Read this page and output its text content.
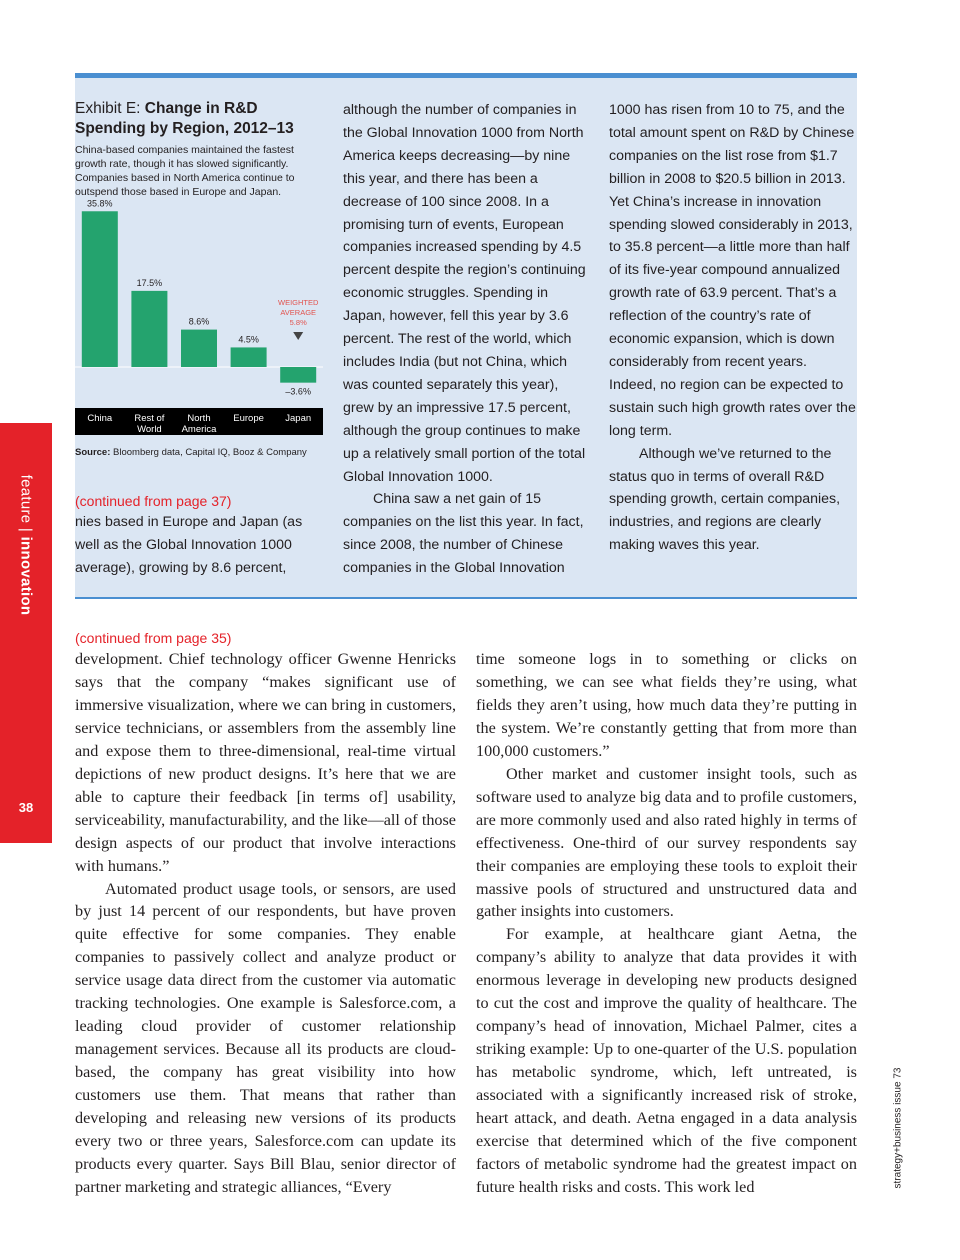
feature | innovation
38
strategy+business issue 73
Exhibit E: Change in R&D Spending by Region, 2012–13
China-based companies maintained the fastest growth rate, though it has slowed significantly. Companies based in North America continue to outspend those based in Europe and Japan.
35.8%
China
17.5%
Rest of
World
8.6%
North
America
4.5%
Europe
–3.6%
Japan
WEIGHTED
AVERAGE
5.8%
Source: Bloomberg data, Capital IQ, Booz & Company
(continued from page 37)

nies based in Europe and Japan (as well as the Global Innovation 1000 average), growing by 8.6 percent,

although the number of companies in the Global Innovation 1000 from North America keeps decreasing—by nine this year, and there has been a decrease of 100 since 2008. In a promising turn of events, European companies increased spending by 4.5 percent despite the region’s continuing economic struggles. Spending in Japan, however, fell this year by 3.6 percent. The rest of the world, which includes India (but not China, which was counted separately this year), grew by an impressive 17.5 percent, although the group continues to make up a relatively small portion of the total Global Innovation 1000.

China saw a net gain of 15 companies on the list this year. In fact, since 2008, the number of Chinese companies in the Global Innovation

1000 has risen from 10 to 75, and the total amount spent on R&D by Chinese companies on the list rose from $1.7 billion in 2008 to $20.5 billion in 2013. Yet China’s increase in innovation spending slowed considerably in 2013, to 35.8 percent—a little more than half of its five-year compound annualized growth rate of 63.9 percent. That’s a reflection of the country’s rate of economic expansion, which is down considerably from recent years. Indeed, no region can be expected to sustain such high growth rates over the long term.

Although we’ve returned to the status quo in terms of overall R&D spending growth, certain companies, industries, and regions are clearly making waves this year.

(continued from page 35)

development. Chief technology officer Gwenne Henricks says that the company “makes significant use of immersive visualization, where we can bring in customers, service technicians, or assemblers from the assembly line and expose them to three-dimensional, real-time virtual depictions of new product designs. It’s here that we are able to capture their feedback [in terms of] usability, serviceability, manufacturability, and the like—all of those design aspects of our product that involve interactions with humans.”

Automated product usage tools, or sensors, are used by just 14 percent of our respondents, but have proven quite effective for some companies. They enable companies to passively collect and analyze product or service usage data direct from the customer via automatic tracking technologies. One example is Salesforce.com, a leading cloud provider of customer relationship management services. Because all its products are cloud-based, the company has great visibility into how customers use them. That means that rather than developing and releasing new versions of its products every two or three years, Salesforce.com can update its products every quarter. Says Bill Blau, senior director of partner marketing and strategic alliances, “Every

time someone logs in to something or clicks on something, we can see what fields they’re using, what fields they aren’t using, how much data they’re putting in the system. We’re constantly getting that from more than 100,000 customers.”

Other market and customer insight tools, such as software used to analyze big data and to profile customers, are more commonly used and also rated highly in terms of effectiveness. One-third of our survey respondents say their companies are employing these tools to exploit their massive pools of structured and unstructured data and gather insights into customers.

For example, at healthcare giant Aetna, the company’s ability to analyze that data provides it with enormous leverage in developing new products designed to cut the cost and improve the quality of healthcare. The company’s head of innovation, Michael Palmer, cites a striking example: Up to one-quarter of the U.S. population has metabolic syndrome, which, left untreated, is associated with a significantly increased risk of stroke, heart attack, and death. Aetna engaged in a data analysis exercise that determined which of the five component factors of metabolic syndrome had the greatest impact on future health risks and costs. This work led
